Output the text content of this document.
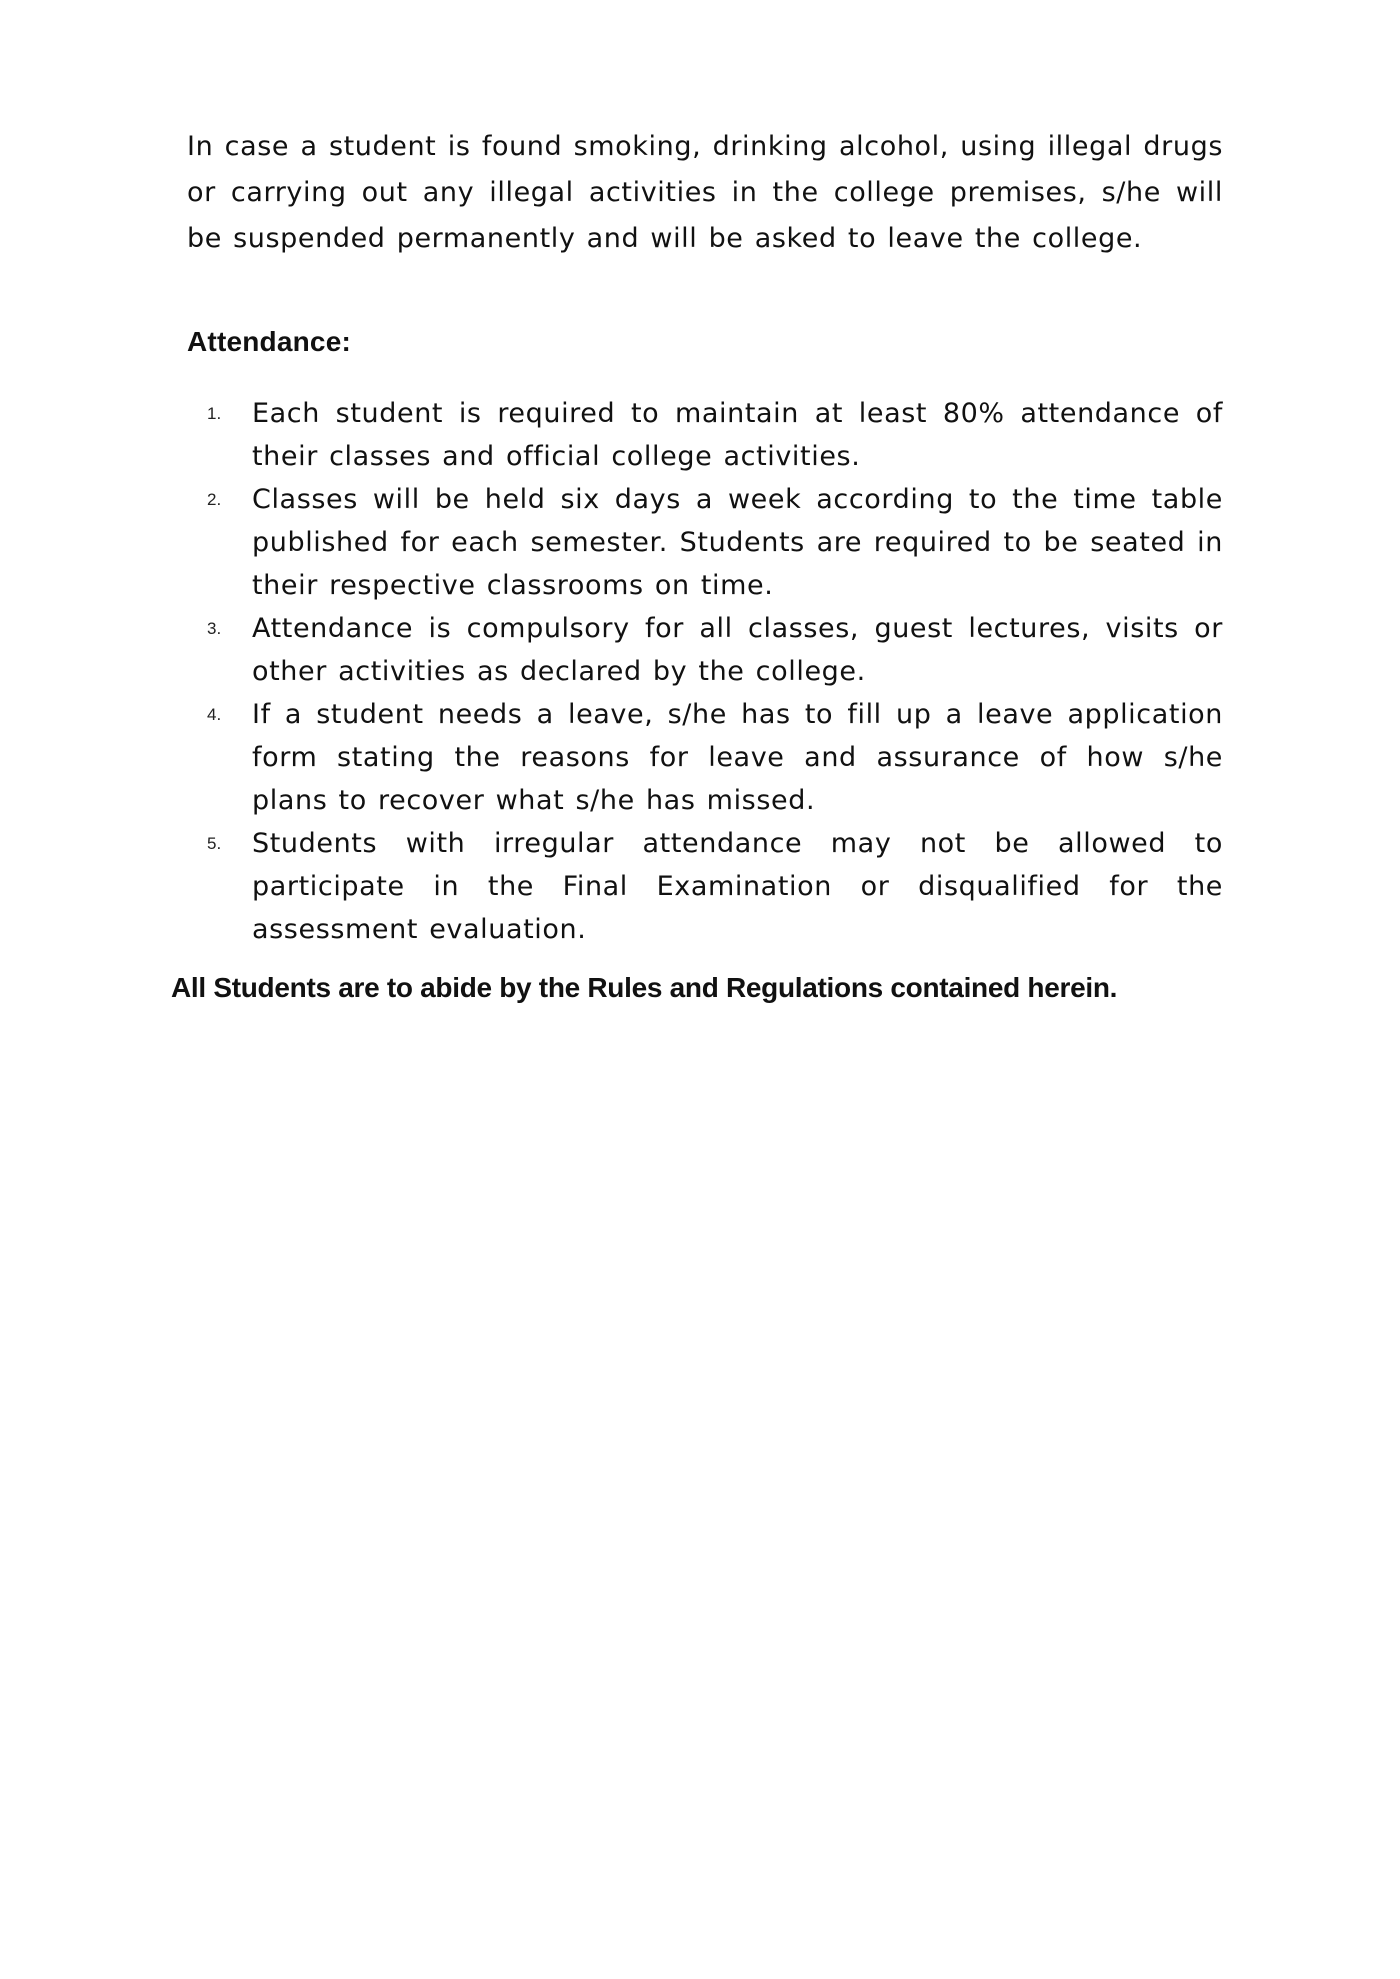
In case a student is found smoking, drinking alcohol, using illegal drugs or carrying out any illegal activities in the college premises, s/he will be suspended permanently and will be asked to leave the college.

Attendance:
1. Each student is required to maintain at least 80% attendance of their classes and official college activities.
2. Classes will be held six days a week according to the time table published for each semester. Students are required to be seated in their respective classrooms on time.
3. Attendance is compulsory for all classes, guest lectures, visits or other activities as declared by the college.
4. If a student needs a leave, s/he has to fill up a leave application form stating the reasons for leave and assurance of how s/he plans to recover what s/he has missed.
5. Students with irregular attendance may not be allowed to participate in the Final Examination or disqualified for the assessment evaluation.

All Students are to abide by the Rules and Regulations contained herein.
